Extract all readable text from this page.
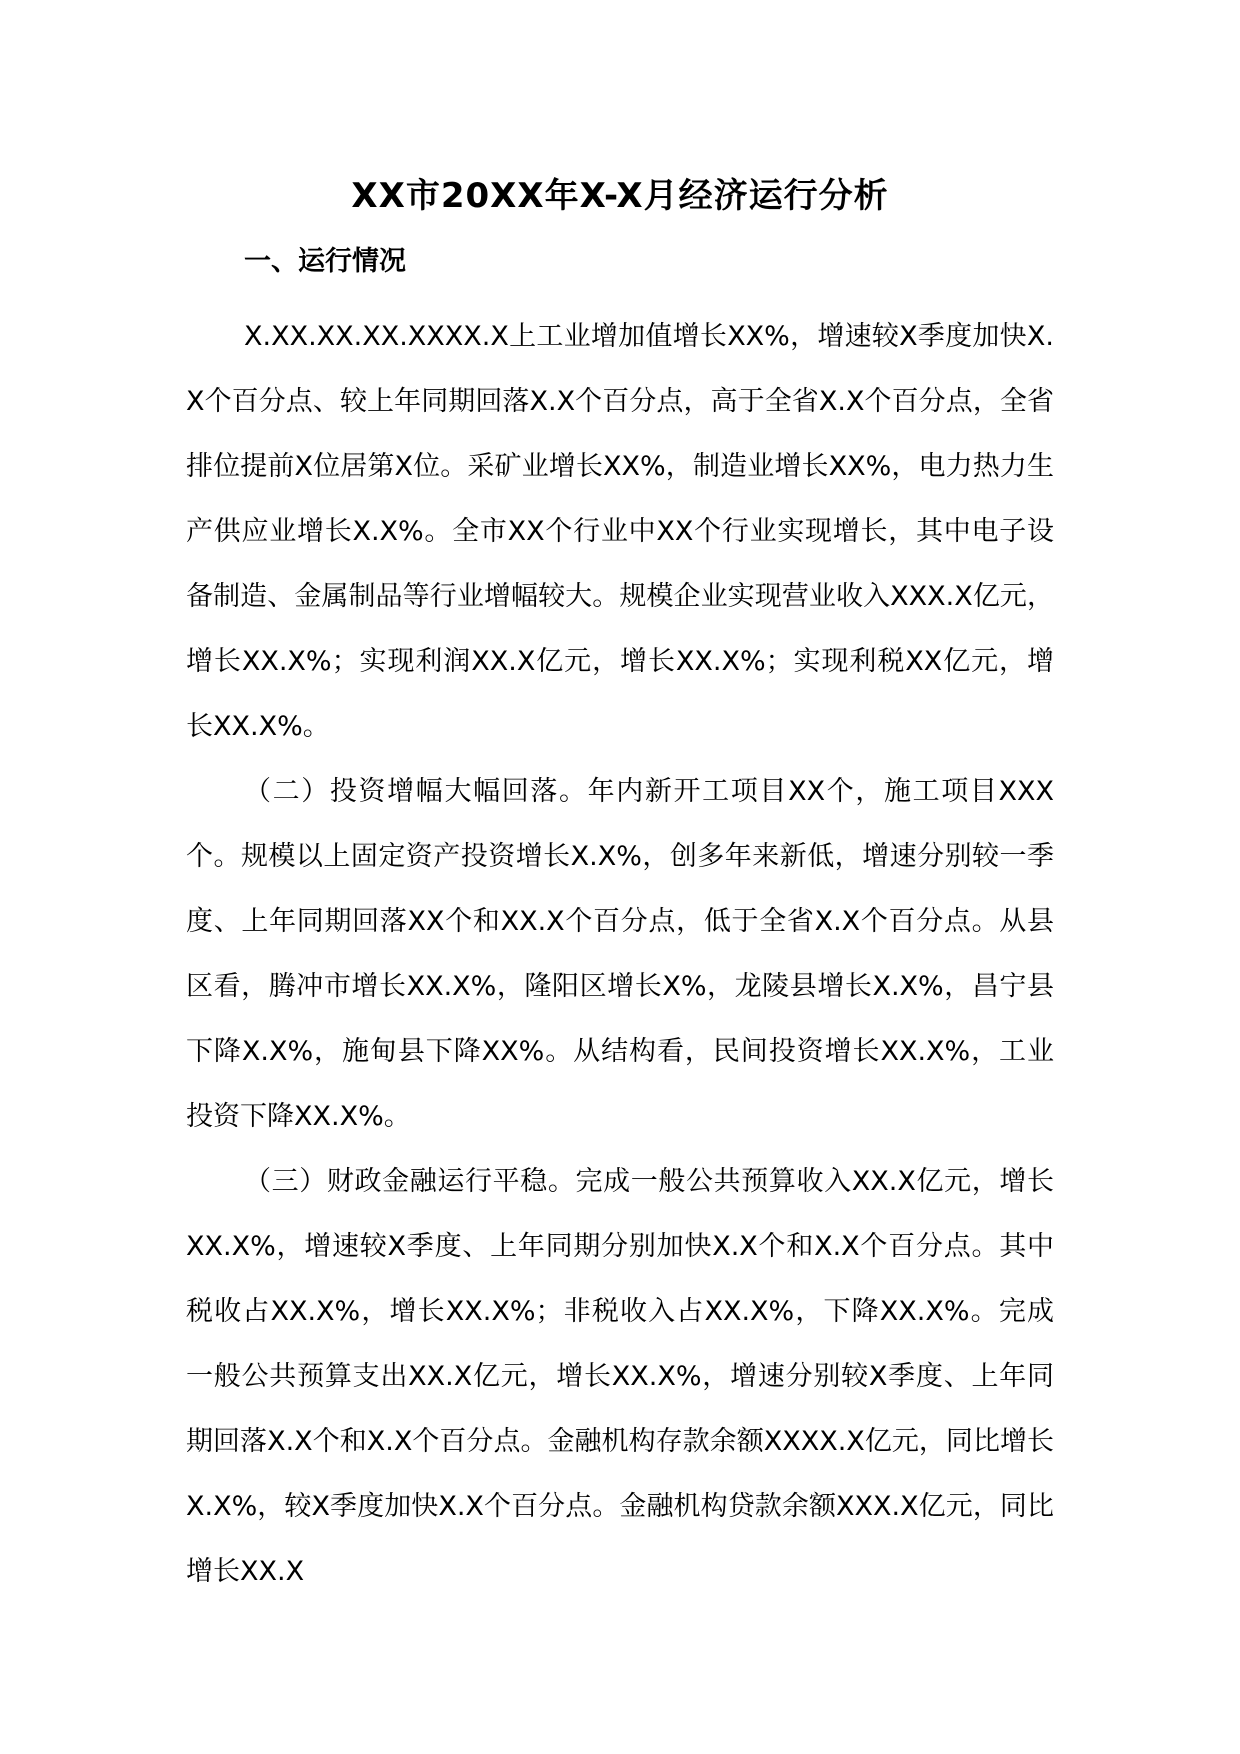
XX市20XX年X-X月经济运行分析
一、运行情况

X.XX.XX.XX.XXXX.X上工业增加值增长XX%，增速较X季度加快X.X个百分点、较上年同期回落X.X个百分点，高于全省X.X个百分点，全省排位提前X位居第X位。采矿业增长XX%，制造业增长XX%，电力热力生产供应业增长X.X%。全市XX个行业中XX个行业实现增长，其中电子设备制造、金属制品等行业增幅较大。规模企业实现营业收入XXX.X亿元，增长XX.X%；实现利润XX.X亿元，增长XX.X%；实现利税XX亿元，增长XX.X%。

（二）投资增幅大幅回落。年内新开工项目XX个，施工项目XXX个。规模以上固定资产投资增长X.X%，创多年来新低，增速分别较一季度、上年同期回落XX个和XX.X个百分点，低于全省X.X个百分点。从县区看，腾冲市增长XX.X%，隆阳区增长X%，龙陵县增长X.X%，昌宁县下降X.X%，施甸县下降XX%。从结构看，民间投资增长XX.X%，工业投资下降XX.X%。

（三）财政金融运行平稳。完成一般公共预算收入XX.X亿元，增长XX.X%，增速较X季度、上年同期分别加快X.X个和X.X个百分点。其中税收占XX.X%，增长XX.X%；非税收入占XX.X%，下降XX.X%。完成一般公共预算支出XX.X亿元，增长XX.X%，增速分别较X季度、上年同期回落X.X个和X.X个百分点。金融机构存款余额XXXX.X亿元，同比增长X.X%，较X季度加快X.X个百分点。金融机构贷款余额XXX.X亿元，同比增长XX.X
